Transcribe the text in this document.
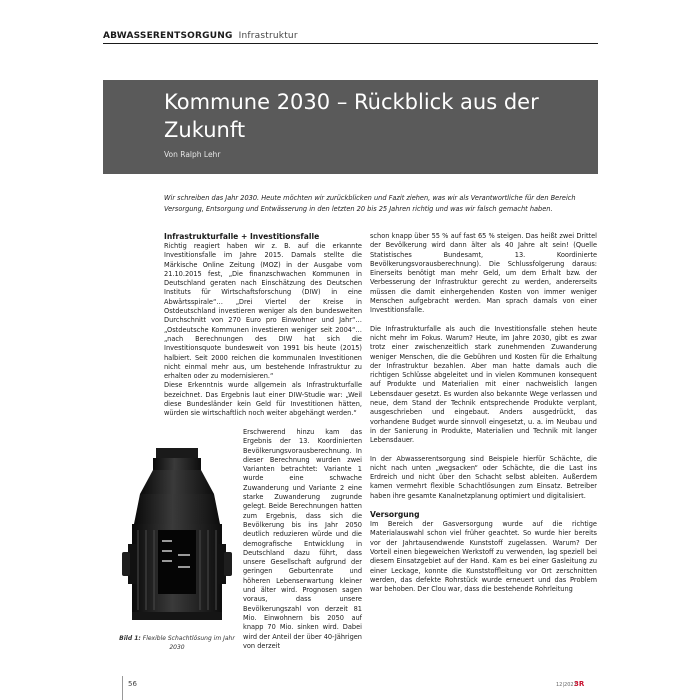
ABWASSERENTSORGUNG Infrastruktur
Kommune 2030 – Rückblick aus der
Zukunft
Von Ralph Lehr

Wir schreiben das Jahr 2030. Heute möchten wir zurückblicken und Fazit ziehen, was wir als Verantwortliche für den Bereich Versorgung, Entsorgung und Entwässerung in den letzten 20 bis 25 Jahren richtig und was wir falsch gemacht haben.

Infrastrukturfalle + Investitionsfalle

Richtig reagiert haben wir z. B. auf die erkannte Investitionsfalle im Jahre 2015. Damals stellte die Märkische Online Zeitung (MOZ) in der Ausgabe vom 21.10.2015 fest, „Die finanzschwachen Kommunen in Deutschland geraten nach Einschätzung des Deutschen Instituts für Wirtschaftsforschung (DIW) in eine Abwärtsspirale“… „Drei Viertel der Kreise in Ostdeutschland investieren weniger als den bundesweiten Durchschnitt von 270 Euro pro Einwohner und Jahr“… „Ostdeutsche Kommunen investieren weniger seit 2004“… „nach Berechnungen des DIW hat sich die Investitionsquote bundesweit von 1991 bis heute (2015) halbiert. Seit 2000 reichen die kommunalen Investitionen nicht einmal mehr aus, um bestehende Infrastruktur zu erhalten oder zu modernisieren.“

Diese Erkenntnis wurde allgemein als Infrastrukturfalle bezeichnet. Das Ergebnis laut einer DIW-Studie war: „Weil diese Bundesländer kein Geld für Investitionen hätten, würden sie wirtschaftlich noch weiter abgehängt werden.“

Erschwerend hinzu kam das Ergebnis der 13. Koordinierten Bevölkerungsvorausberechnung. In dieser Berechnung wurden zwei Varianten betrachtet: Variante 1 wurde eine schwache Zuwanderung und Variante 2 eine starke Zuwanderung zugrunde gelegt. Beide Berechnungen hatten zum Ergebnis, dass sich die Bevölkerung bis ins Jahr 2050 deutlich reduzieren würde und die demografische Entwicklung in Deutschland dazu führt, dass unsere Gesellschaft aufgrund der geringen Geburtenrate und höheren Lebenserwartung kleiner und älter wird. Prognosen sagen voraus, dass unsere Bevölkerungszahl von derzeit 81 Mio. Einwohnern bis 2050 auf knapp 70 Mio. sinken wird. Dabei wird der Anteil der über 40-Jährigen von derzeit

Bild 1: Flexible Schachtlösung im Jahr 2030

schon knapp über 55 % auf fast 65 % steigen. Das heißt zwei Drittel der Bevölkerung wird dann älter als 40 Jahre alt sein! (Quelle Statistisches Bundesamt, 13. Koordinierte Bevölkerungsvorausberechnung). Die Schlussfolgerung daraus: Einerseits benötigt man mehr Geld, um dem Erhalt bzw. der Verbesserung der Infrastruktur gerecht zu werden, andererseits müssen die damit einhergehenden Kosten von immer weniger Menschen aufgebracht werden. Man sprach damals von einer Investitionsfalle.

Die Infrastrukturfalle als auch die Investitionsfalle stehen heute nicht mehr im Fokus. Warum? Heute, im Jahre 2030, gibt es zwar trotz einer zwischenzeitlich stark zunehmenden Zuwanderung weniger Menschen, die die Gebühren und Kosten für die Erhaltung der Infrastruktur bezahlen. Aber man hatte damals auch die richtigen Schlüsse abgeleitet und in vielen Kommunen konsequent auf Produkte und Materialien mit einer nachweislich langen Lebensdauer gesetzt. Es wurden also bekannte Wege verlassen und neue, dem Stand der Technik entsprechende Produkte verplant, ausgeschrieben und eingebaut. Anders ausgedrückt, das vorhandene Budget wurde sinnvoll eingesetzt, u. a. im Neubau und in der Sanierung in Produkte, Materialien und Technik mit langer Lebensdauer.

In der Abwasserentsorgung sind Beispiele hierfür Schächte, die nicht nach unten „wegsacken“ oder Schächte, die die Last ins Erdreich und nicht über den Schacht selbst ableiten. Außerdem kamen vermehrt flexible Schachtlösungen zum Einsatz. Betreiber haben ihre gesamte Kanalnetzplanung optimiert und digitalisiert.

Versorgung

Im Bereich der Gasversorgung wurde auf die richtige Materialauswahl schon viel früher geachtet. So wurde hier bereits vor der Jahrtausendwende Kunststoff zugelassen. Warum? Der Vorteil einen biegeweichen Werkstoff zu verwenden, lag speziell bei diesem Einsatzgebiet auf der Hand. Kam es bei einer Gasleitung zu einer Leckage, konnte die Kunststoffleitung vor Ort zerschnitten werden, das defekte Rohrstück wurde erneuert und das Problem war behoben. Der Clou war, dass die bestehende Rohrleitung

56	12|2021
3R
